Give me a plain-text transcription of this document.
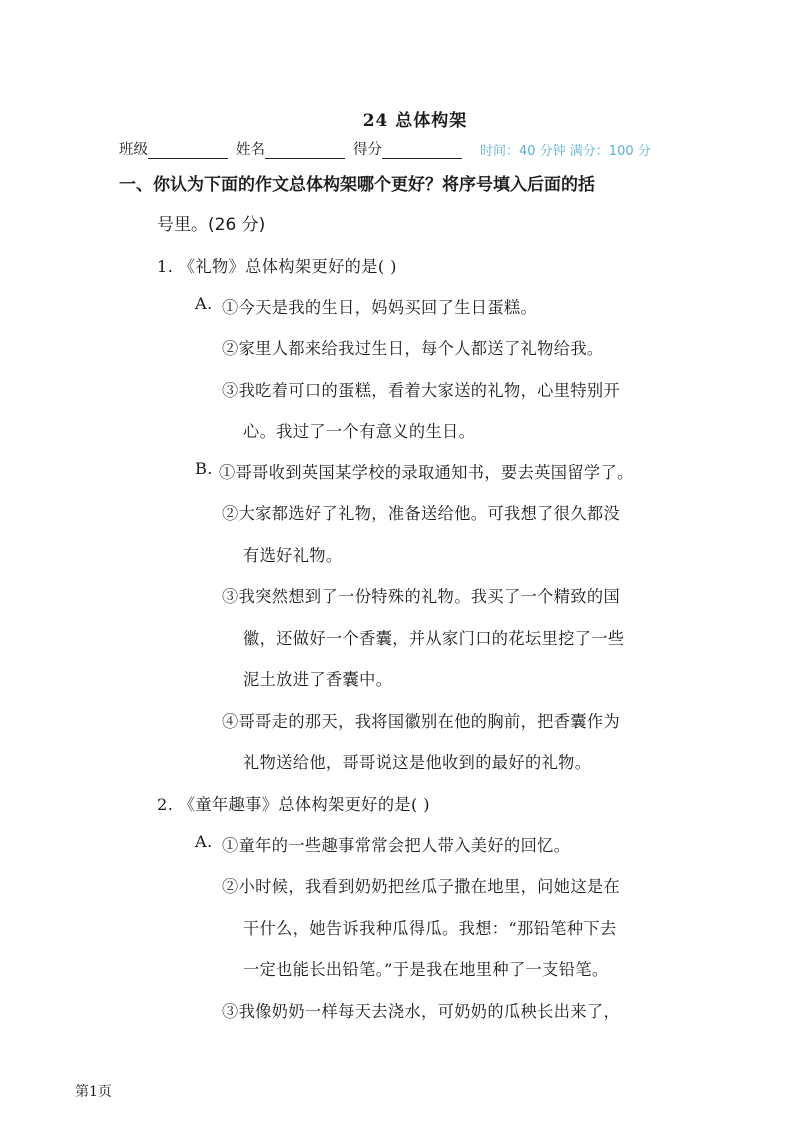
24 总体构架
班级	姓名	得分	时间：40 分钟 满分：100 分
一、你认为下面的作文总体构架哪个更好？将序号填入后面的括
号里。(26 分)
1. 《礼物》总体构架更好的是( )
A. ①今天是我的生日，妈妈买回了生日蛋糕。
②家里人都来给我过生日，每个人都送了礼物给我。
③我吃着可口的蛋糕，看着大家送的礼物，心里特别开
心。我过了一个有意义的生日。
B. ①哥哥收到英国某学校的录取通知书，要去英国留学了。
②大家都选好了礼物，准备送给他。可我想了很久都没
有选好礼物。
③我突然想到了一份特殊的礼物。我买了一个精致的国
徽，还做好一个香囊，并从家门口的花坛里挖了一些
泥土放进了香囊中。
④哥哥走的那天，我将国徽别在他的胸前，把香囊作为
礼物送给他，哥哥说这是他收到的最好的礼物。
2. 《童年趣事》总体构架更好的是( )
A. ①童年的一些趣事常常会把人带入美好的回忆。
②小时候，我看到奶奶把丝瓜子撒在地里，问她这是在
干什么，她告诉我种瓜得瓜。我想：“那铅笔种下去
一定也能长出铅笔。”于是我在地里种了一支铅笔。
③我像奶奶一样每天去浇水，可奶奶的瓜秧长出来了，
第1页
